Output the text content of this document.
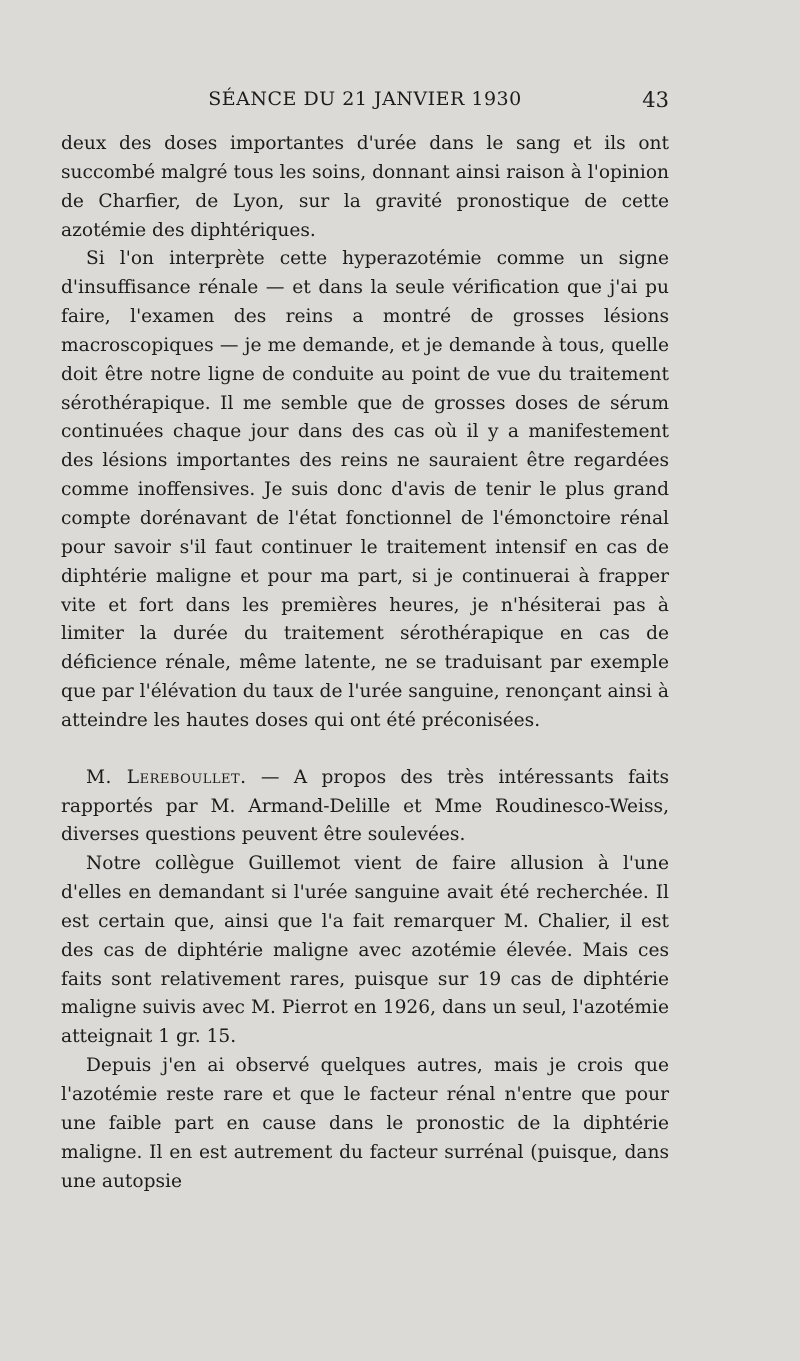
SÉANCE DU 21 JANVIER 1930	43

deux des doses importantes d'urée dans le sang et ils ont succombé malgré tous les soins, donnant ainsi raison à l'opinion de Charfier, de Lyon, sur la gravité pronostique de cette azotémie des diphtériques.

Si l'on interprète cette hyperazotémie comme un signe d'insuffisance rénale — et dans la seule vérification que j'ai pu faire, l'examen des reins a montré de grosses lésions macroscopiques — je me demande, et je demande à tous, quelle doit être notre ligne de conduite au point de vue du traitement sérothérapique. Il me semble que de grosses doses de sérum continuées chaque jour dans des cas où il y a manifestement des lésions importantes des reins ne sauraient être regardées comme inoffensives. Je suis donc d'avis de tenir le plus grand compte dorénavant de l'état fonctionnel de l'émonctoire rénal pour savoir s'il faut continuer le traitement intensif en cas de diphtérie maligne et pour ma part, si je continuerai à frapper vite et fort dans les premières heures, je n'hésiterai pas à limiter la durée du traitement sérothérapique en cas de déficience rénale, même latente, ne se traduisant par exemple que par l'élévation du taux de l'urée sanguine, renonçant ainsi à atteindre les hautes doses qui ont été préconisées.

M. Lereboullet. — A propos des très intéressants faits rapportés par M. Armand-Delille et Mme Roudinesco-Weiss, diverses questions peuvent être soulevées.

Notre collègue Guillemot vient de faire allusion à l'une d'elles en demandant si l'urée sanguine avait été recherchée. Il est certain que, ainsi que l'a fait remarquer M. Chalier, il est des cas de diphtérie maligne avec azotémie élevée. Mais ces faits sont relativement rares, puisque sur 19 cas de diphtérie maligne suivis avec M. Pierrot en 1926, dans un seul, l'azotémie atteignait 1 gr. 15.

Depuis j'en ai observé quelques autres, mais je crois que l'azotémie reste rare et que le facteur rénal n'entre que pour une faible part en cause dans le pronostic de la diphtérie maligne. Il en est autrement du facteur surrénal (puisque, dans une autopsie
